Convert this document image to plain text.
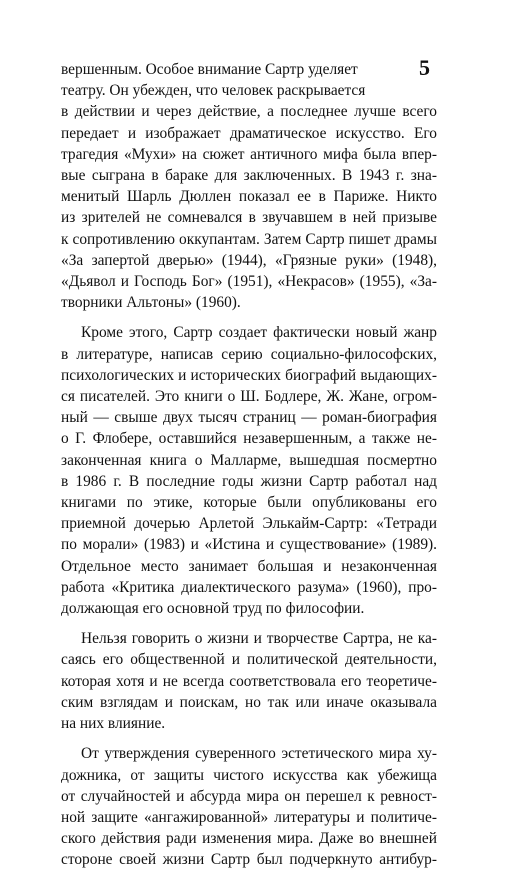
5
вершенным. Особое внимание Сартр уделяет
театру. Он убежден, что человек раскрывается
в действии и через действие, а последнее лучше всего
передает и изображает драматическое искусство. Его
трагедия «Мухи» на сюжет античного мифа была впер-
вые сыграна в бараке для заключенных. В 1943 г. зна-
менитый Шарль Дюллен показал ее в Париже. Никто
из зрителей не сомневался в звучавшем в ней призыве
к сопротивлению оккупантам. Затем Сартр пишет драмы
«За запертой дверью» (1944), «Грязные руки» (1948),
«Дьявол и Господь Бог» (1951), «Некрасов» (1955), «За-
творники Альтоны» (1960).
Кроме этого, Сартр создает фактически новый жанр
в литературе, написав серию социально-философских,
психологических и исторических биографий выдающих-
ся писателей. Это книги о Ш. Бодлере, Ж. Жане, огром-
ный — свыше двух тысяч страниц — роман-биография
о Г. Флобере, оставшийся незавершенным, а также не-
законченная книга о Малларме, вышедшая посмертно
в 1986 г. В последние годы жизни Сартр работал над
книгами по этике, которые были опубликованы его
приемной дочерью Арлетой Элькайм-Сартр: «Тетради
по морали» (1983) и «Истина и существование» (1989).
Отдельное место занимает большая и незаконченная
работа «Критика диалектического разума» (1960), про-
должающая его основной труд по философии.
Нельзя говорить о жизни и творчестве Сартра, не ка-
саясь его общественной и политической деятельности,
которая хотя и не всегда соответствовала его теоретиче-
ским взглядам и поискам, но так или иначе оказывала
на них влияние.
От утверждения суверенного эстетического мира ху-
дожника, от защиты чистого искусства как убежища
от случайностей и абсурда мира он перешел к ревност-
ной защите «ангажированной» литературы и политиче-
ского действия ради изменения мира. Даже во внешней
стороне своей жизни Сартр был подчеркнуто антибур-
